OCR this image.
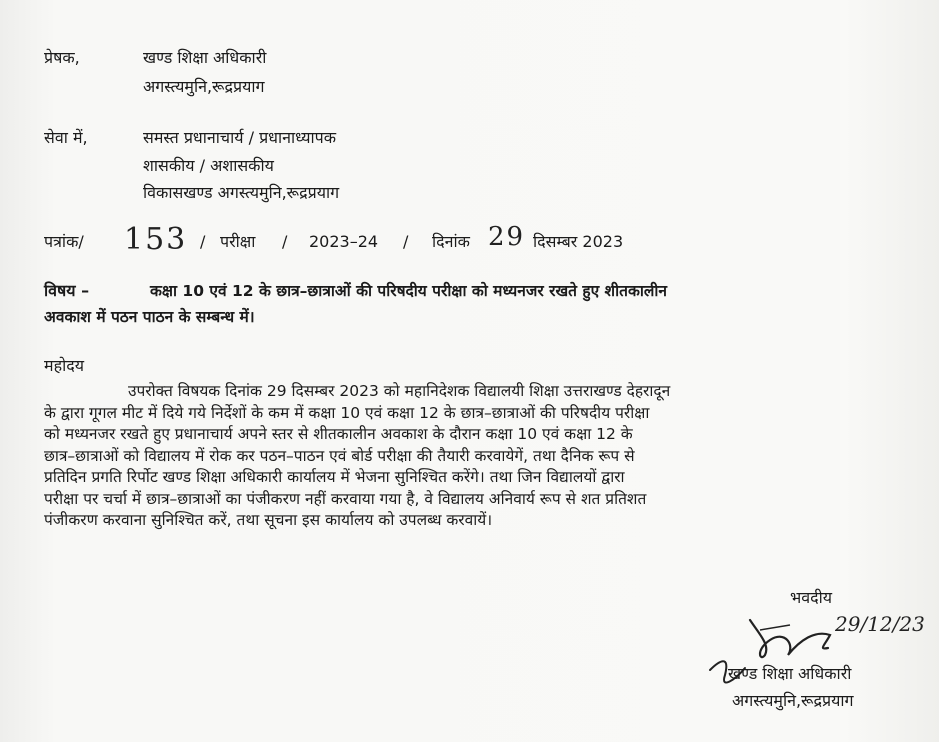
प्रेषक,	खण्ड शिक्षा अधिकारी
अगस्त्यमुनि,रूद्रप्रयाग
सेवा में,	समस्त प्रधानाचार्य / प्रधानाध्यापक
शासकीय / अशासकीय
विकासखण्ड अगस्त्यमुनि,रूद्रप्रयाग
पत्रांक/ 153 / परीक्षा / 2023–24 / दिनांक 29 दिसम्बर 2023
विषय –	कक्षा 10 एवं 12 के छात्र–छात्राओं की परिषदीय परीक्षा को मध्यनजर रखते हुए शीतकालीन
अवकाश में पठन पाठन के सम्बन्ध में।
महोदय
उपरोक्त विषयक दिनांक 29 दिसम्बर 2023 को महानिदेशक विद्यालयी शिक्षा उत्तराखण्ड देहरादून
के द्वारा गूगल मीट में दिये गये निर्देशों के कम में कक्षा 10 एवं कक्षा 12 के छात्र–छात्राओं की परिषदीय परीक्षा
को मध्यनजर रखते हुए प्रधानाचार्य अपने स्तर से शीतकालीन अवकाश के दौरान कक्षा 10 एवं कक्षा 12 के
छात्र–छात्राओं को विद्यालय में रोक कर पठन–पाठन एवं बोर्ड परीक्षा की तैयारी करवायेगें, तथा दैनिक रूप से
प्रतिदिन प्रगति रिर्पोट खण्ड शिक्षा अधिकारी कार्यालय में भेजना सुनिश्चित करेंगे। तथा जिन विद्यालयों द्वारा
परीक्षा पर चर्चा में छात्र–छात्राओं का पंजीकरण नहीं करवाया गया है, वे विद्यालय अनिवार्य रूप से शत प्रतिशत
पंजीकरण करवाना सुनिश्चित करें, तथा सूचना इस कार्यालय को उपलब्ध करवायें।
भवदीय
29/12/23
खण्ड शिक्षा अधिकारी
अगस्त्यमुनि,रूद्रप्रयाग
